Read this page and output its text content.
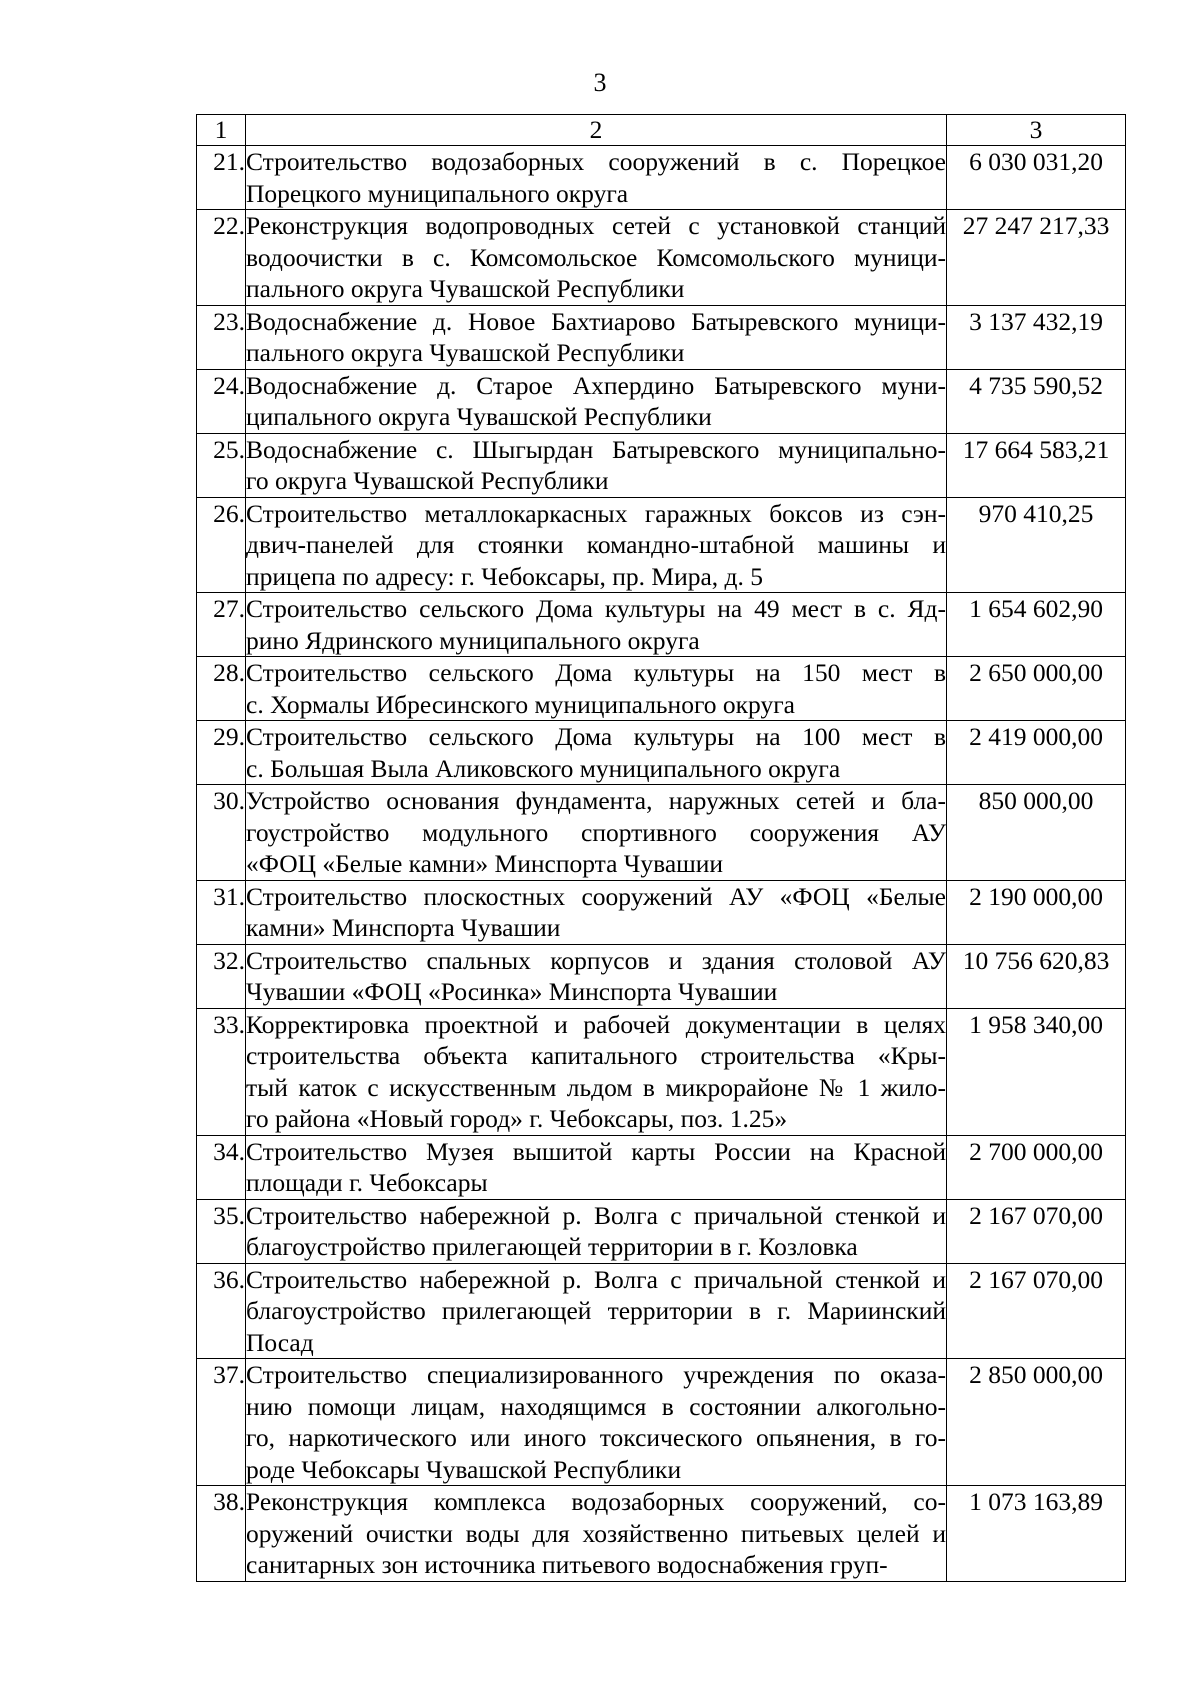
3
1	2	3
21.	Строительство водозаборных сооружений в с. Порецкое
Порецкого муниципального округа	6 030 031,20
22.	Реконструкция водопроводных сетей с установкой станций
водоочистки в с. Комсомольское Комсомольского муници-
пального округа Чувашской Республики	27 247 217,33
23.	Водоснабжение д. Новое Бахтиарово Батыревского муници-
пального округа Чувашской Республики	3 137 432,19
24.	Водоснабжение д. Старое Ахпердино Батыревского муни-
ципального округа Чувашской Республики	4 735 590,52
25.	Водоснабжение с. Шыгырдан Батыревского муниципально-
го округа Чувашской Республики	17 664 583,21
26.	Строительство металлокаркасных гаражных боксов из сэн-
двич-панелей для стоянки командно-штабной машины и
прицепа по адресу: г. Чебоксары, пр. Мира, д. 5	970 410,25
27.	Строительство сельского Дома культуры на 49 мест в с. Яд-
рино Ядринского муниципального округа	1 654 602,90
28.	Строительство сельского Дома культуры на 150 мест в
с. Хормалы Ибресинского муниципального округа	2 650 000,00
29.	Строительство сельского Дома культуры на 100 мест в
с. Большая Выла Аликовского муниципального округа	2 419 000,00
30.	Устройство основания фундамента, наружных сетей и бла-
гоустройство модульного спортивного сооружения АУ
«ФОЦ «Белые камни» Минспорта Чувашии	850 000,00
31.	Строительство плоскостных сооружений АУ «ФОЦ «Белые
камни» Минспорта Чувашии	2 190 000,00
32.	Строительство спальных корпусов и здания столовой АУ
Чувашии «ФОЦ «Росинка» Минспорта Чувашии	10 756 620,83
33.	Корректировка проектной и рабочей документации в целях
строительства объекта капитального строительства «Кры-
тый каток с искусственным льдом в микрорайоне № 1 жило-
го района «Новый город» г. Чебоксары, поз. 1.25»	1 958 340,00
34.	Строительство Музея вышитой карты России на Красной
площади г. Чебоксары	2 700 000,00
35.	Строительство набережной р. Волга с причальной стенкой и
благоустройство прилегающей территории в г. Козловка	2 167 070,00
36.	Строительство набережной р. Волга с причальной стенкой и
благоустройство прилегающей территории в г. Мариинский
Посад	2 167 070,00
37.	Строительство специализированного учреждения по оказа-
нию помощи лицам, находящимся в состоянии алкогольно-
го, наркотического или иного токсического опьянения, в го-
роде Чебоксары Чувашской Республики	2 850 000,00
38.	Реконструкция комплекса водозаборных сооружений, со-
оружений очистки воды для хозяйственно питьевых целей и
санитарных зон источника питьевого водоснабжения груп-	1 073 163,89
